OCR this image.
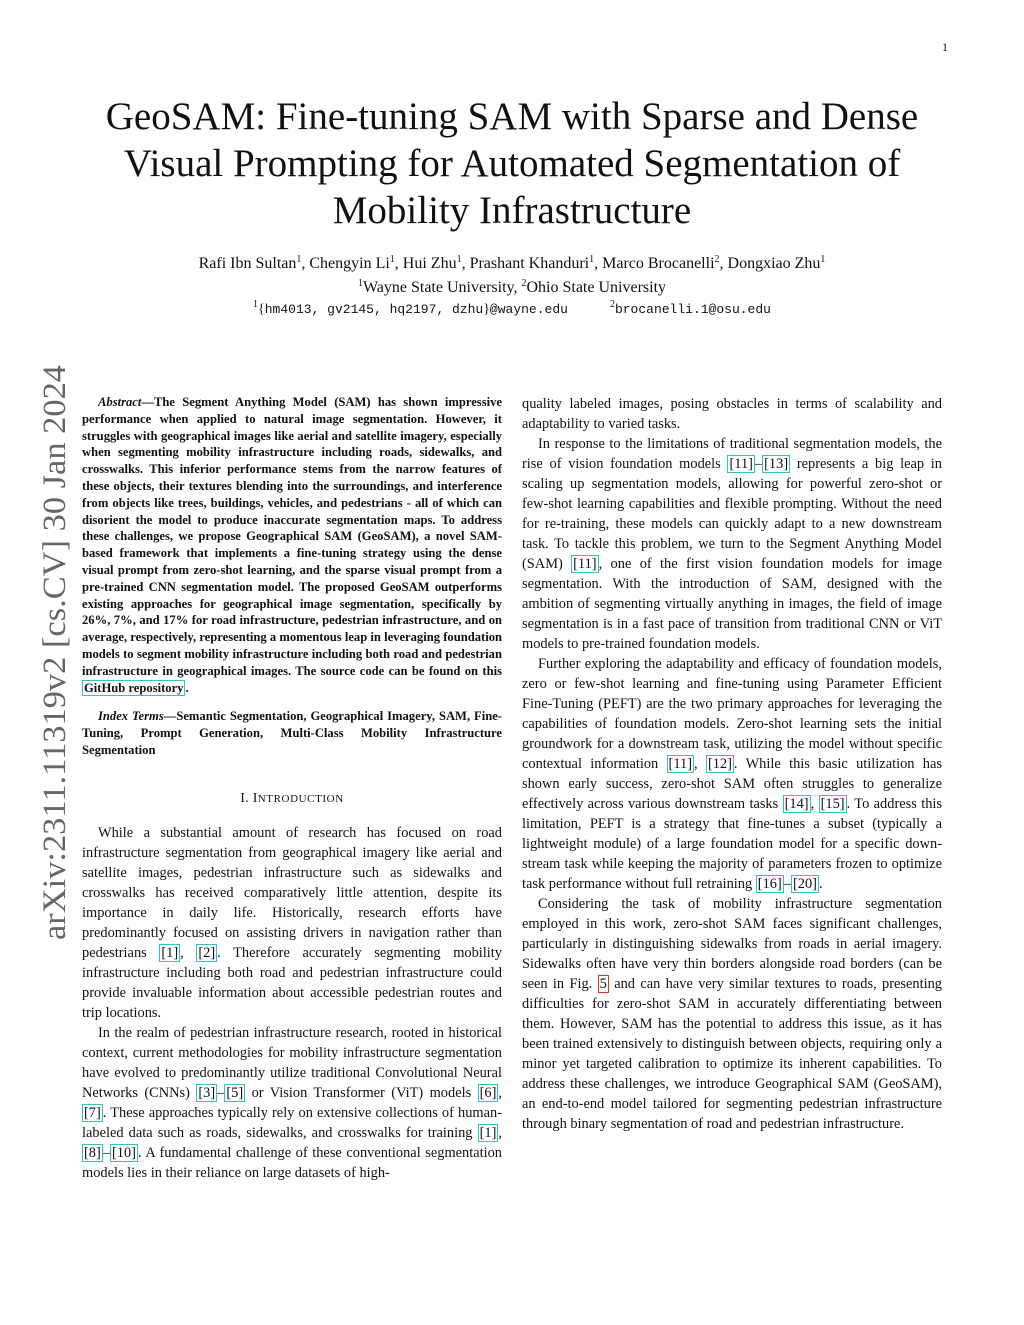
1
arXiv:2311.11319v2 [cs.CV] 30 Jan 2024
GeoSAM: Fine-tuning SAM with Sparse and Dense Visual Prompting for Automated Segmentation of Mobility Infrastructure
Rafi Ibn Sultan$^1$, Chengyin Li$^1$, Hui Zhu$^1$, Prashant Khanduri$^1$, Marco Brocanelli$^2$, Dongxiao Zhu$^1$
$^1$Wayne State University, $^2$Ohio State University
$^1${hm4013, gv2145, hq2197, dzhu}@wayne.edu	$^2$brocanelli.1@osu.edu

Abstract—The Segment Anything Model (SAM) has shown impressive performance when applied to natural image segmentation. However, it struggles with geographical images like aerial and satellite imagery, especially when segmenting mobility infrastructure including roads, sidewalks, and crosswalks. This inferior performance stems from the narrow features of these objects, their textures blending into the surroundings, and interference from objects like trees, buildings, vehicles, and pedestrians - all of which can disorient the model to produce inaccurate segmentation maps. To address these challenges, we propose Geographical SAM (GeoSAM), a novel SAM-based framework that implements a fine-tuning strategy using the dense visual prompt from zero-shot learning, and the sparse visual prompt from a pre-trained CNN segmentation model. The proposed GeoSAM outperforms existing approaches for geographical image segmentation, specifically by 26%, 7%, and 17% for road infrastructure, pedestrian infrastructure, and on average, respectively, representing a momentous leap in leveraging foundation models to segment mobility infrastructure including both road and pedestrian infrastructure in geographical images. The source code can be found on this GitHub repository .

Index Terms—Semantic Segmentation, Geographical Imagery, SAM, Fine-Tuning, Prompt Generation, Multi-Class Mobility Infrastructure Segmentation

I. INTRODUCTION

While a substantial amount of research has focused on road infrastructure segmentation from geographical imagery like aerial and satellite images, pedestrian infrastructure such as sidewalks and crosswalks has received comparatively little attention, despite its importance in daily life. Historically, research efforts have predominantly focused on assisting drivers in navigation rather than pedestrians [1] , [2] . Therefore accurately segmenting mobility infrastructure including both road and pedestrian infrastructure could provide invaluable information about accessible pedestrian routes and trip locations.

In the realm of pedestrian infrastructure research, rooted in historical context, current methodologies for mobility infrastructure segmentation have evolved to predominantly utilize traditional Convolutional Neural Networks (CNNs) [3] – [5] or Vision Transformer (ViT) models [6] , [7] . These approaches typically rely on extensive collections of human-labeled data such as roads, sidewalks, and crosswalks for training [1] , [8] – [10] . A fundamental challenge of these conventional segmentation models lies in their reliance on large datasets of high-

quality labeled images, posing obstacles in terms of scalability and adaptability to varied tasks.

In response to the limitations of traditional segmentation models, the rise of vision foundation models [11] – [13] represents a big leap in scaling up segmentation models, allowing for powerful zero-shot or few-shot learning capabilities and flexible prompting. Without the need for re-training, these models can quickly adapt to a new downstream task. To tackle this problem, we turn to the Segment Anything Model (SAM) [11] , one of the first vision foundation models for image segmentation. With the introduction of SAM, designed with the ambition of segmenting virtually anything in images, the field of image segmentation is in a fast pace of transition from traditional CNN or ViT models to pre-trained foundation models.

Further exploring the adaptability and efficacy of foundation models, zero or few-shot learning and fine-tuning using Parameter Efficient Fine-Tuning (PEFT) are the two primary approaches for leveraging the capabilities of foundation models. Zero-shot learning sets the initial groundwork for a downstream task, utilizing the model without specific contextual information [11] , [12] . While this basic utilization has shown early success, zero-shot SAM often struggles to generalize effectively across various downstream tasks [14] , [15] . To address this limitation, PEFT is a strategy that fine-tunes a subset (typically a lightweight module) of a large foundation model for a specific down-stream task while keeping the majority of parameters frozen to optimize task performance without full retraining [16] – [20] .

Considering the task of mobility infrastructure segmentation employed in this work, zero-shot SAM faces significant challenges, particularly in distinguishing sidewalks from roads in aerial imagery. Sidewalks often have very thin borders alongside road borders (can be seen in Fig. 5 and can have very similar textures to roads, presenting difficulties for zero-shot SAM in accurately differentiating between them. However, SAM has the potential to address this issue, as it has been trained extensively to distinguish between objects, requiring only a minor yet targeted calibration to optimize its inherent capabilities. To address these challenges, we introduce Geographical SAM (GeoSAM), an end-to-end model tailored for segmenting pedestrian infrastructure through binary segmentation of road and pedestrian infrastructure.
